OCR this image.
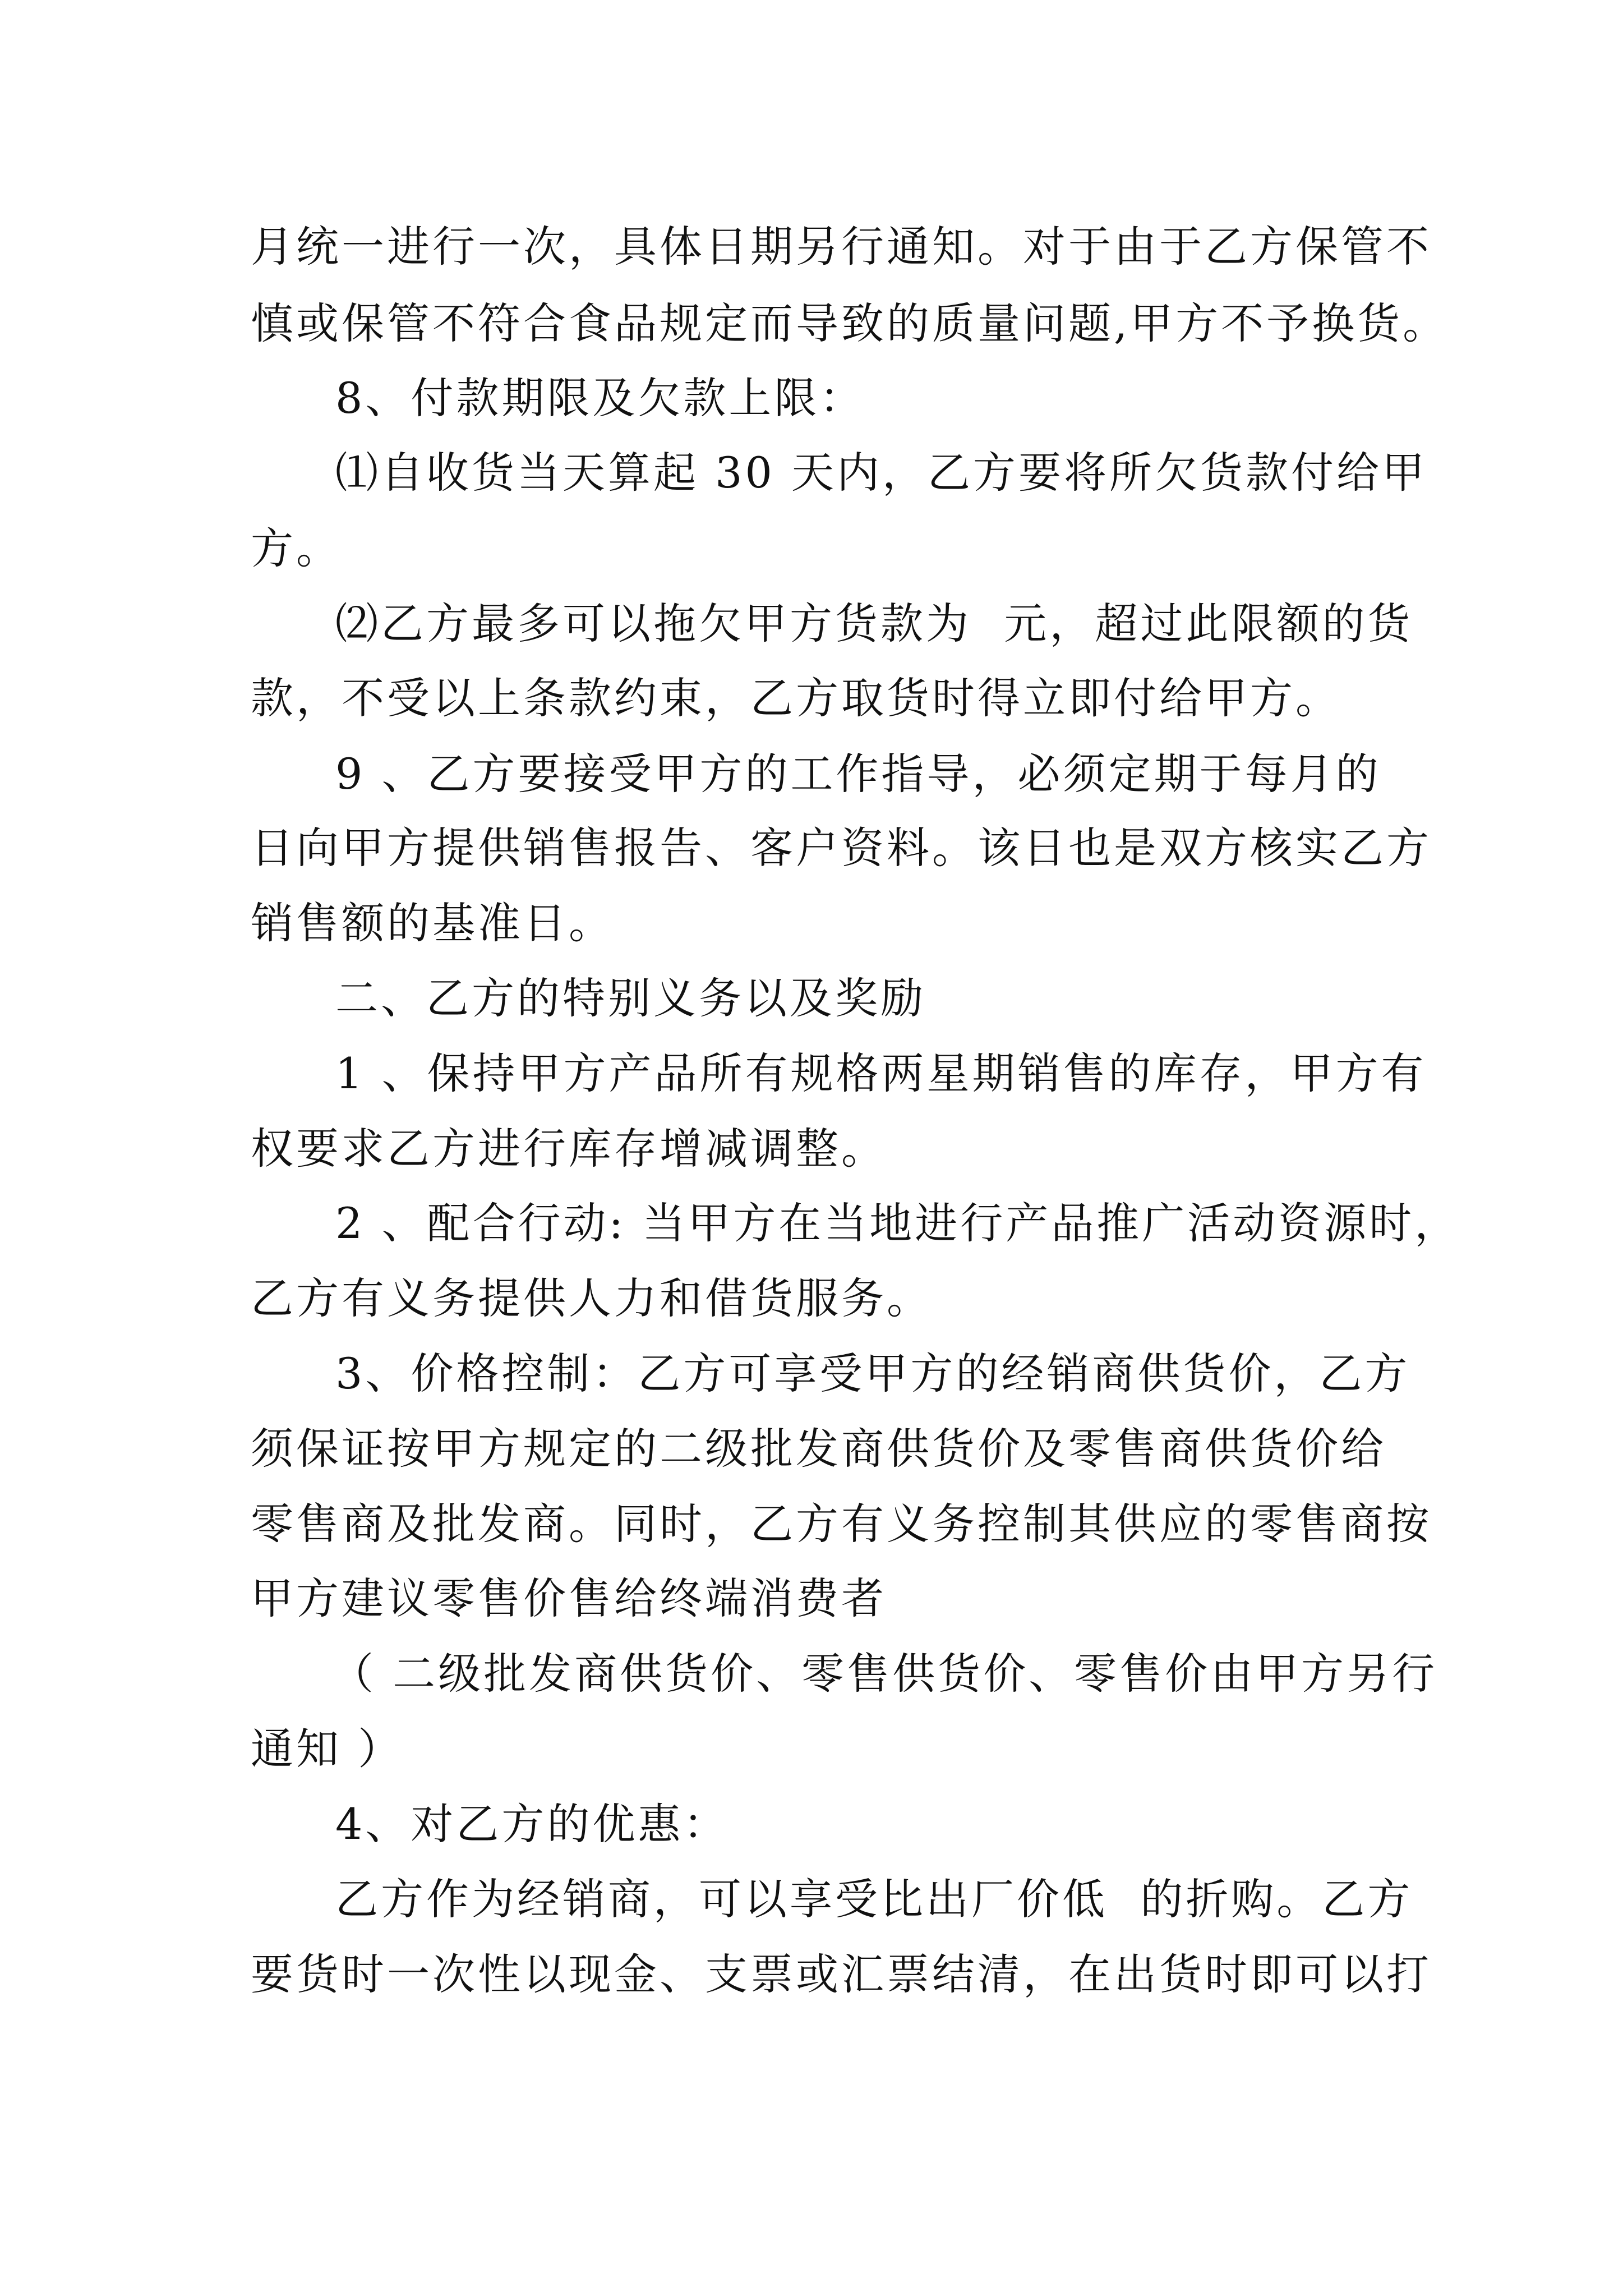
月统一进行一次，具体日期另行通知。对于由于乙方保管不

慎或保管不符合食品规定而导致的质量问题,甲方不予换货。

8、付款期限及欠款上限：

⑴自收货当天算起 30 天内，乙方要将所欠货款付给甲

方。

⑵乙方最多可以拖欠甲方货款为  元，超过此限额的货

款，不受以上条款约束，乙方取货时得立即付给甲方。

9 、乙方要接受甲方的工作指导，必须定期于每月的

日向甲方提供销售报告、客户资料。该日也是双方核实乙方

销售额的基准日。

二、乙方的特别义务以及奖励

1 、保持甲方产品所有规格两星期销售的库存，甲方有

权要求乙方进行库存增减调整。

2 、配合行动: 当甲方在当地进行产品推广活动资源时，

乙方有义务提供人力和借货服务。

3、价格控制：乙方可享受甲方的经销商供货价，乙方

须保证按甲方规定的二级批发商供货价及零售商供货价给

零售商及批发商。同时，乙方有义务控制其供应的零售商按

甲方建议零售价售给终端消费者

（ 二级批发商供货价、零售供货价、零售价由甲方另行

通知 ）

4、对乙方的优惠：

乙方作为经销商，可以享受比出厂价低  的折购。乙方

要货时一次性以现金、支票或汇票结清，在出货时即可以打
